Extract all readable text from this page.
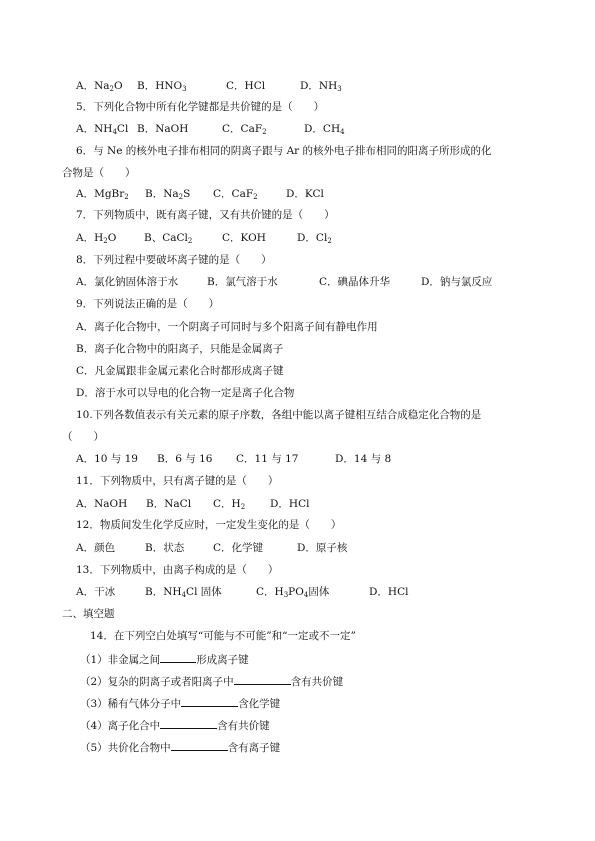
A．$Na_2O$ B．$HNO_3$	C．HCl	D．$NH_3$
5．下列化合物中所有化学键都是共价键的是（　　）
A．$NH_4Cl$ B．NaOH	C．CaF$_2$	D．$CH_4$
6．与 Ne 的核外电子排布相同的阴离子跟与 Ar 的核外电子排布相同的阳离子所形成的化
合物是（　　）
A．MgBr$_2$ B．$Na_2S$ C．CaF$_2$	D．KCl
7．下列物质中，既有离子键，又有共价键的是（　　）
A．$H_2O$	B、CaCl$_2$	C．KOH	D．$Cl_2$
8．下列过程中要破坏离子键的是（　　）
A．氯化钠固体溶于水	B．氯气溶于水	C．碘晶体升华	D．钠与氯反应
9．下列说法正确的是（　　）
A．离子化合物中，一个阴离子可同时与多个阳离子间有静电作用
B．离子化合物中的阳离子，只能是金属离子
C．凡金属跟非金属元素化合时都形成离子键
D．溶于水可以导电的化合物一定是离子化合物
10.下列各数值表示有关元素的原子序数，各组中能以离子键相互结合成稳定化合物的是
（　　）
A．10 与 19 B．6 与 16 C．11 与 17	D．14 与 8
11．下列物质中，只有离子键的是（　　）
A．NaOH B．NaCl C．$H_2$ D．HCl
12．物质间发生化学反应时，一定发生变化的是（　　）
A．颜色	B．状态	C．化学键	D．原子核
13．下列物质中，由离子构成的是（　　）
A．干冰	B．$NH_4Cl$ 固体	C．$H_3PO_4$固体	D．HCl
二、填空题
14．在下列空白处填写“可能与不可能”和“一定或不一定”
（1）非金属之间	形成离子键
（2）复杂的阴离子或者阳离子中	含有共价键
（3）稀有气体分子中	含化学键
（4）离子化合中	含有共价键
（5）共价化合物中	含有离子键
